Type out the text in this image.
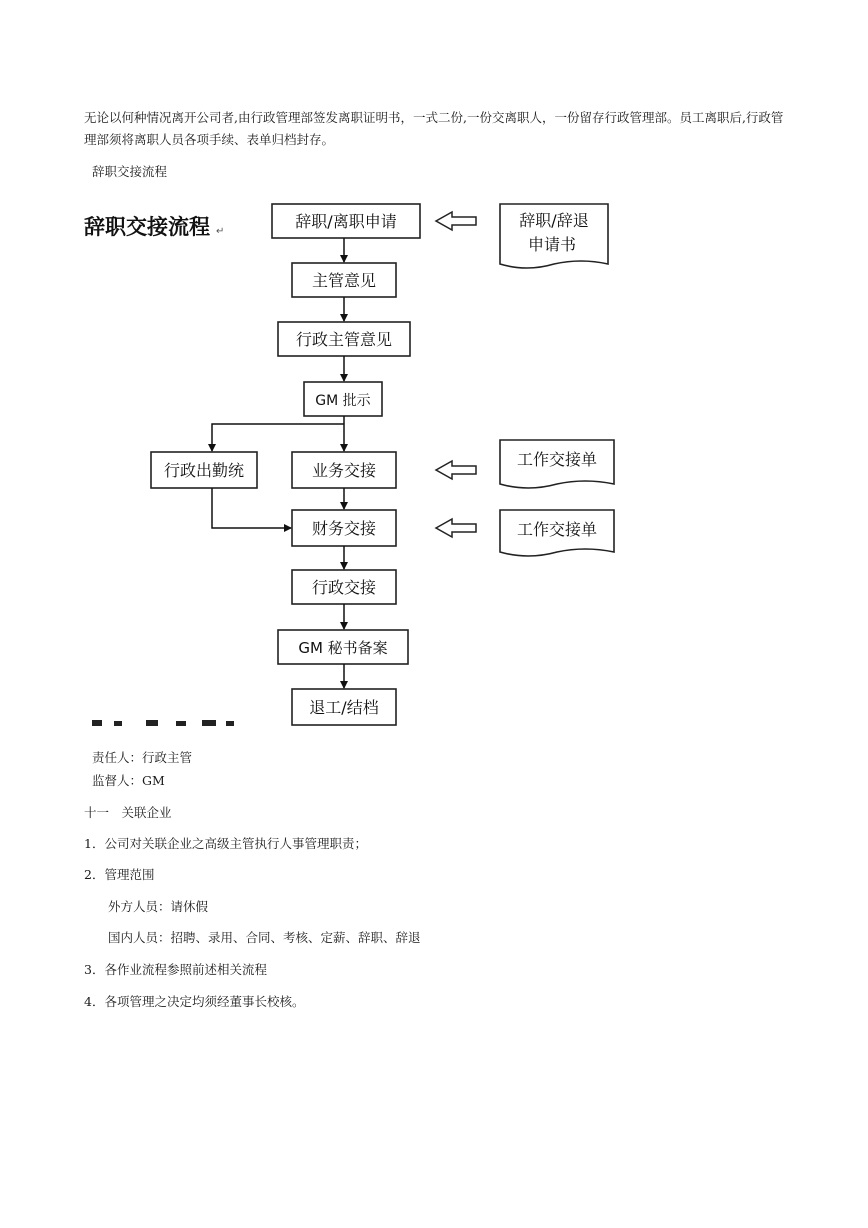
无论以何种情况离开公司者,由行政管理部签发离职证明书，一式二份,一份交离职人，一份留存行政管理部。员工离职后,行政管理部须将离职人员各项手续、表单归档封存。

辞职交接流程

辞职交接流程 ↵
辞职/离职申请
主管意见
行政主管意见
GM 批示
行政出勤统	业务交接
财务交接
行政交接
GM 秘书备案
退工/结档
辞职/辞退
申请书
工作交接单
工作交接单

责任人：行政主管

监督人：GM

十一　关联企业

1．公司对关联企业之高级主管执行人事管理职责；

2．管理范围

外方人员：请休假

国内人员：招聘、录用、合同、考核、定薪、辞职、辞退

3．各作业流程参照前述相关流程

4．各项管理之决定均须经董事长校核。
